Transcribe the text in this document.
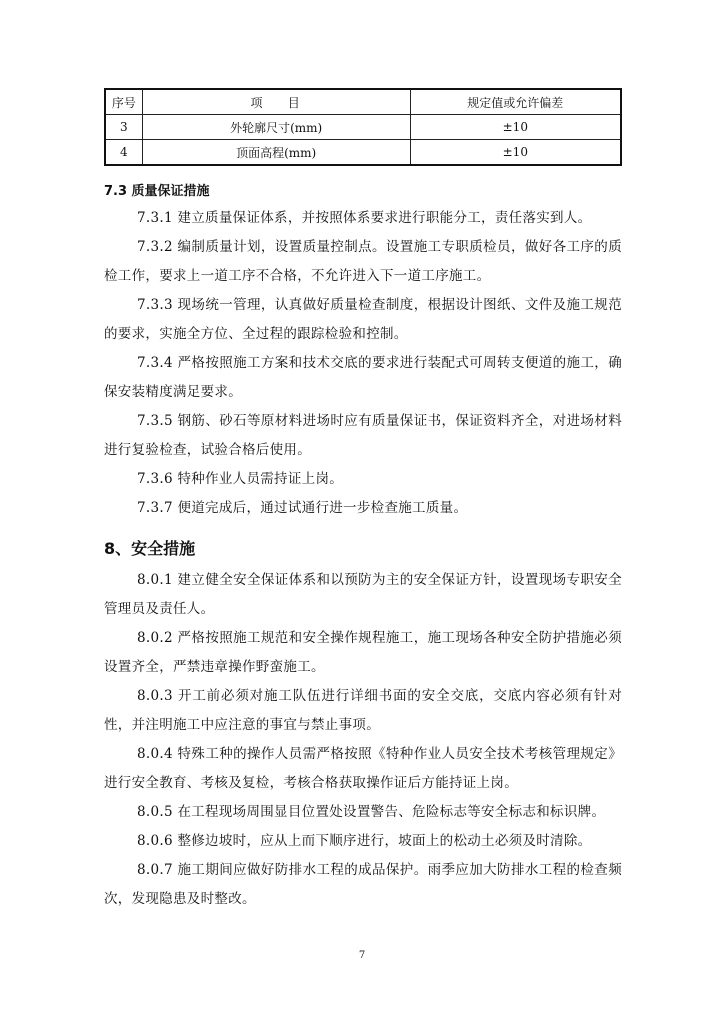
序号	项    目	规定值或允许偏差
3	外轮廓尺寸(mm)	±10
4	顶面高程(mm)	±10
7.3 质量保证措施

7.3.1 建立质量保证体系，并按照体系要求进行职能分工，责任落实到人。

7.3.2 编制质量计划，设置质量控制点。设置施工专职质检员，做好各工序的质检工作，要求上一道工序不合格，不允许进入下一道工序施工。

7.3.3 现场统一管理，认真做好质量检查制度，根据设计图纸、文件及施工规范的要求，实施全方位、全过程的跟踪检验和控制。

7.3.4 严格按照施工方案和技术交底的要求进行装配式可周转支便道的施工，确保安装精度满足要求。

7.3.5 钢筋、砂石等原材料进场时应有质量保证书，保证资料齐全，对进场材料进行复验检查，试验合格后使用。

7.3.6 特种作业人员需持证上岗。

7.3.7 便道完成后，通过试通行进一步检查施工质量。

8、安全措施

8.0.1 建立健全安全保证体系和以预防为主的安全保证方针，设置现场专职安全管理员及责任人。

8.0.2 严格按照施工规范和安全操作规程施工，施工现场各种安全防护措施必须设置齐全，严禁违章操作野蛮施工。

8.0.3 开工前必须对施工队伍进行详细书面的安全交底，交底内容必须有针对性，并注明施工中应注意的事宜与禁止事项。

8.0.4 特殊工种的操作人员需严格按照《特种作业人员安全技术考核管理规定》进行安全教育、考核及复检，考核合格获取操作证后方能持证上岗。

8.0.5 在工程现场周围显目位置处设置警告、危险标志等安全标志和标识牌。

8.0.6 整修边坡时，应从上而下顺序进行，坡面上的松动土必须及时清除。

8.0.7 施工期间应做好防排水工程的成品保护。雨季应加大防排水工程的检查频次，发现隐患及时整改。

7
